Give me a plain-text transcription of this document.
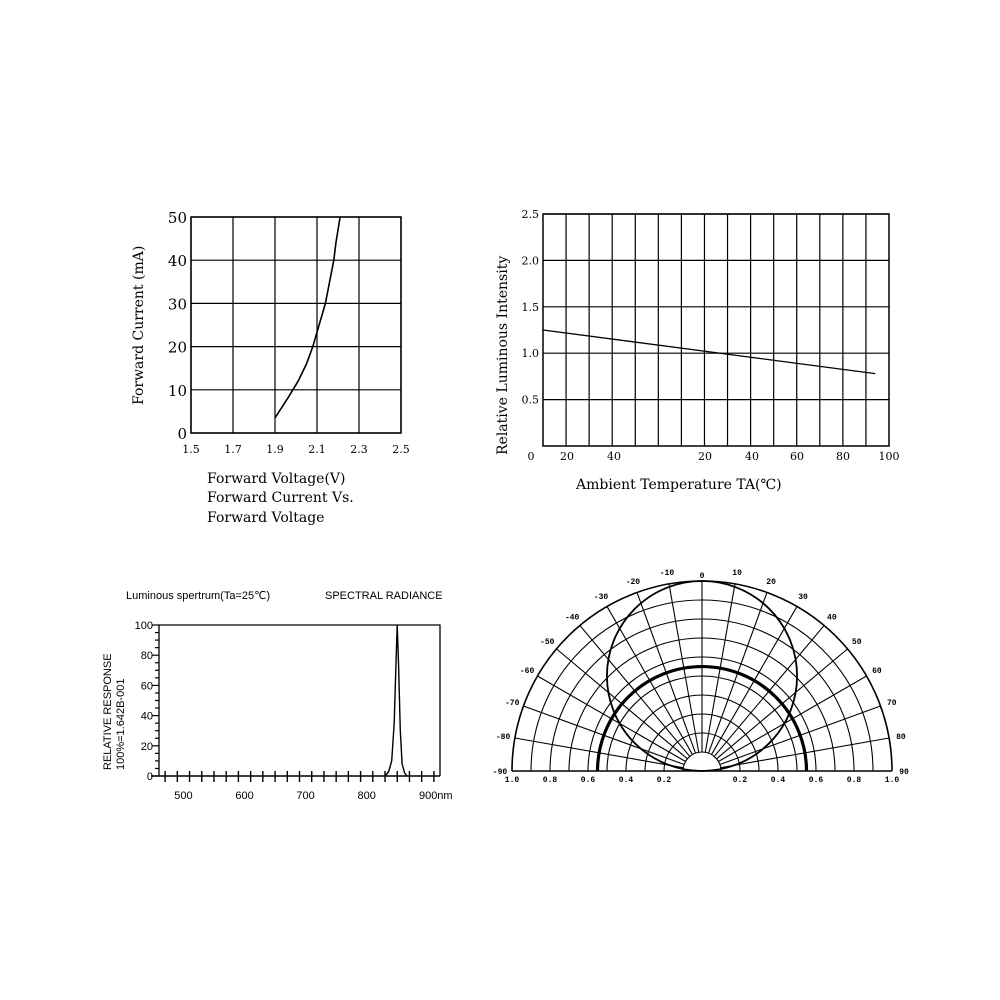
1.5 1.7 1.9 2.1 2.3 2.5
0
10
20
30
40
50
Forward Current (mA)
Forward Voltage(V)
Forward Current Vs.
Forward Voltage
0 20	40	20	40	60	80	100
0.5
1.0
1.5
2.0
2.5
Relative Luminous Intensity
Ambient Temperature TA(℃)
Luminous spertrum(Ta=25℃)	SPECTRAL RADIANCE
500	600	700	800	900nm
0
20
40
60
80
100
RELATIVE RESPONSE 100%=1.642B-001
0
-10
-20
-30
-40
-50
-60
-70
-80
-90
10
20
30
40
50
60
70
80
90
1.0	0.8	0.6	0.4	0.2	0.2	0.4	0.6	0.8	1.0
